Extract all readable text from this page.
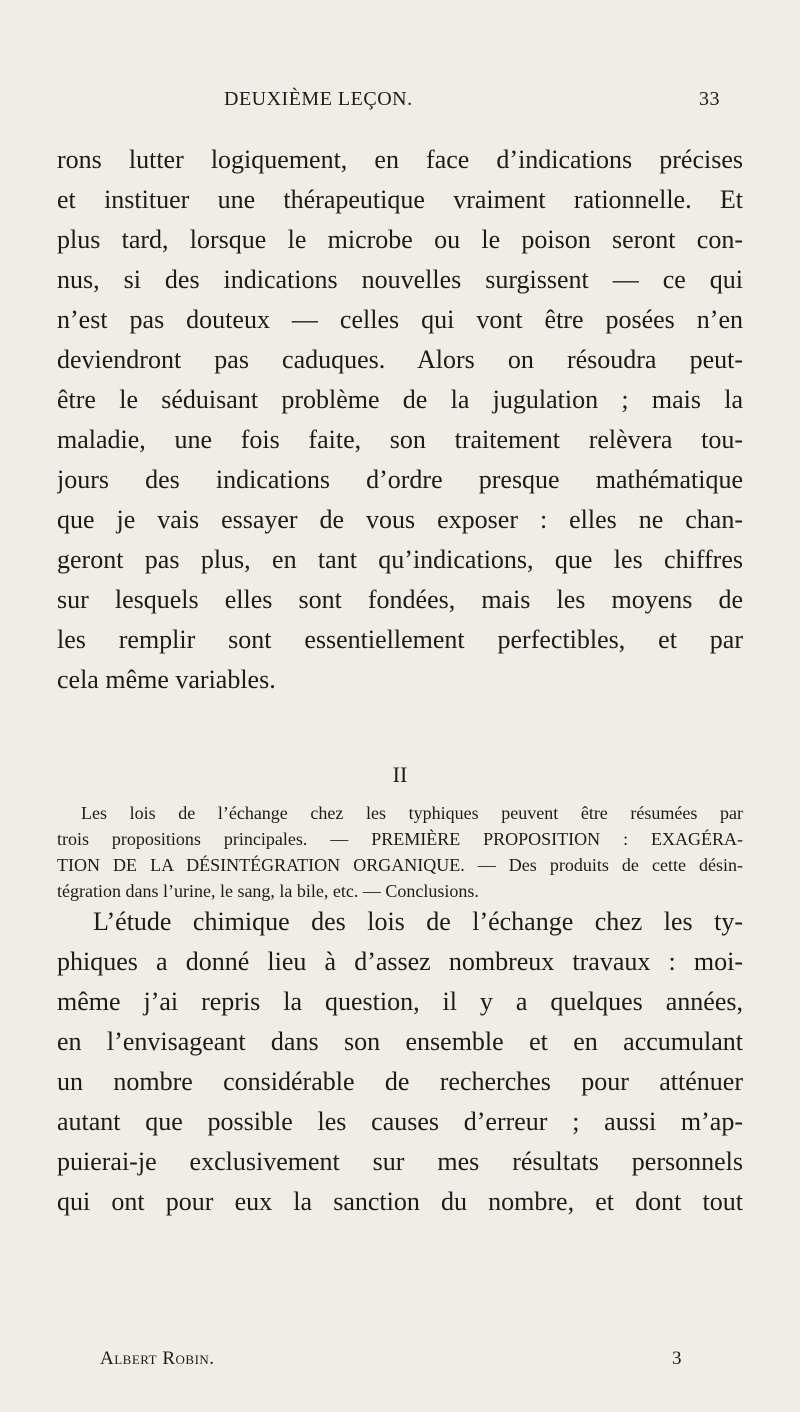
DEUXIÈME LEÇON.	33
rons lutter logiquement, en face d’indications précises
et instituer une thérapeutique vraiment rationnelle. Et
plus tard, lorsque le microbe ou le poison seront con-
nus, si des indications nouvelles surgissent — ce qui
n’est pas douteux — celles qui vont être posées n’en
deviendront pas caduques. Alors on résoudra peut-
être le séduisant problème de la jugulation ; mais la
maladie, une fois faite, son traitement relèvera tou-
jours des indications d’ordre presque mathématique
que je vais essayer de vous exposer : elles ne chan-
geront pas plus, en tant qu’indications, que les chiffres
sur lesquels elles sont fondées, mais les moyens de
les remplir sont essentiellement perfectibles, et par
cela même variables.
II
Les lois de l’échange chez les typhiques peuvent être résumées par
trois propositions principales. — PREMIÈRE PROPOSITION : EXAGÉRA-
TION DE LA DÉSINTÉGRATION ORGANIQUE. — Des produits de cette désin-
tégration dans l’urine, le sang, la bile, etc. — Conclusions.
L’étude chimique des lois de l’échange chez les ty-
phiques a donné lieu à d’assez nombreux travaux : moi-
même j’ai repris la question, il y a quelques années,
en l’envisageant dans son ensemble et en accumulant
un nombre considérable de recherches pour atténuer
autant que possible les causes d’erreur ; aussi m’ap-
puierai-je exclusivement sur mes résultats personnels
qui ont pour eux la sanction du nombre, et dont tout
Albert Robin.	3
